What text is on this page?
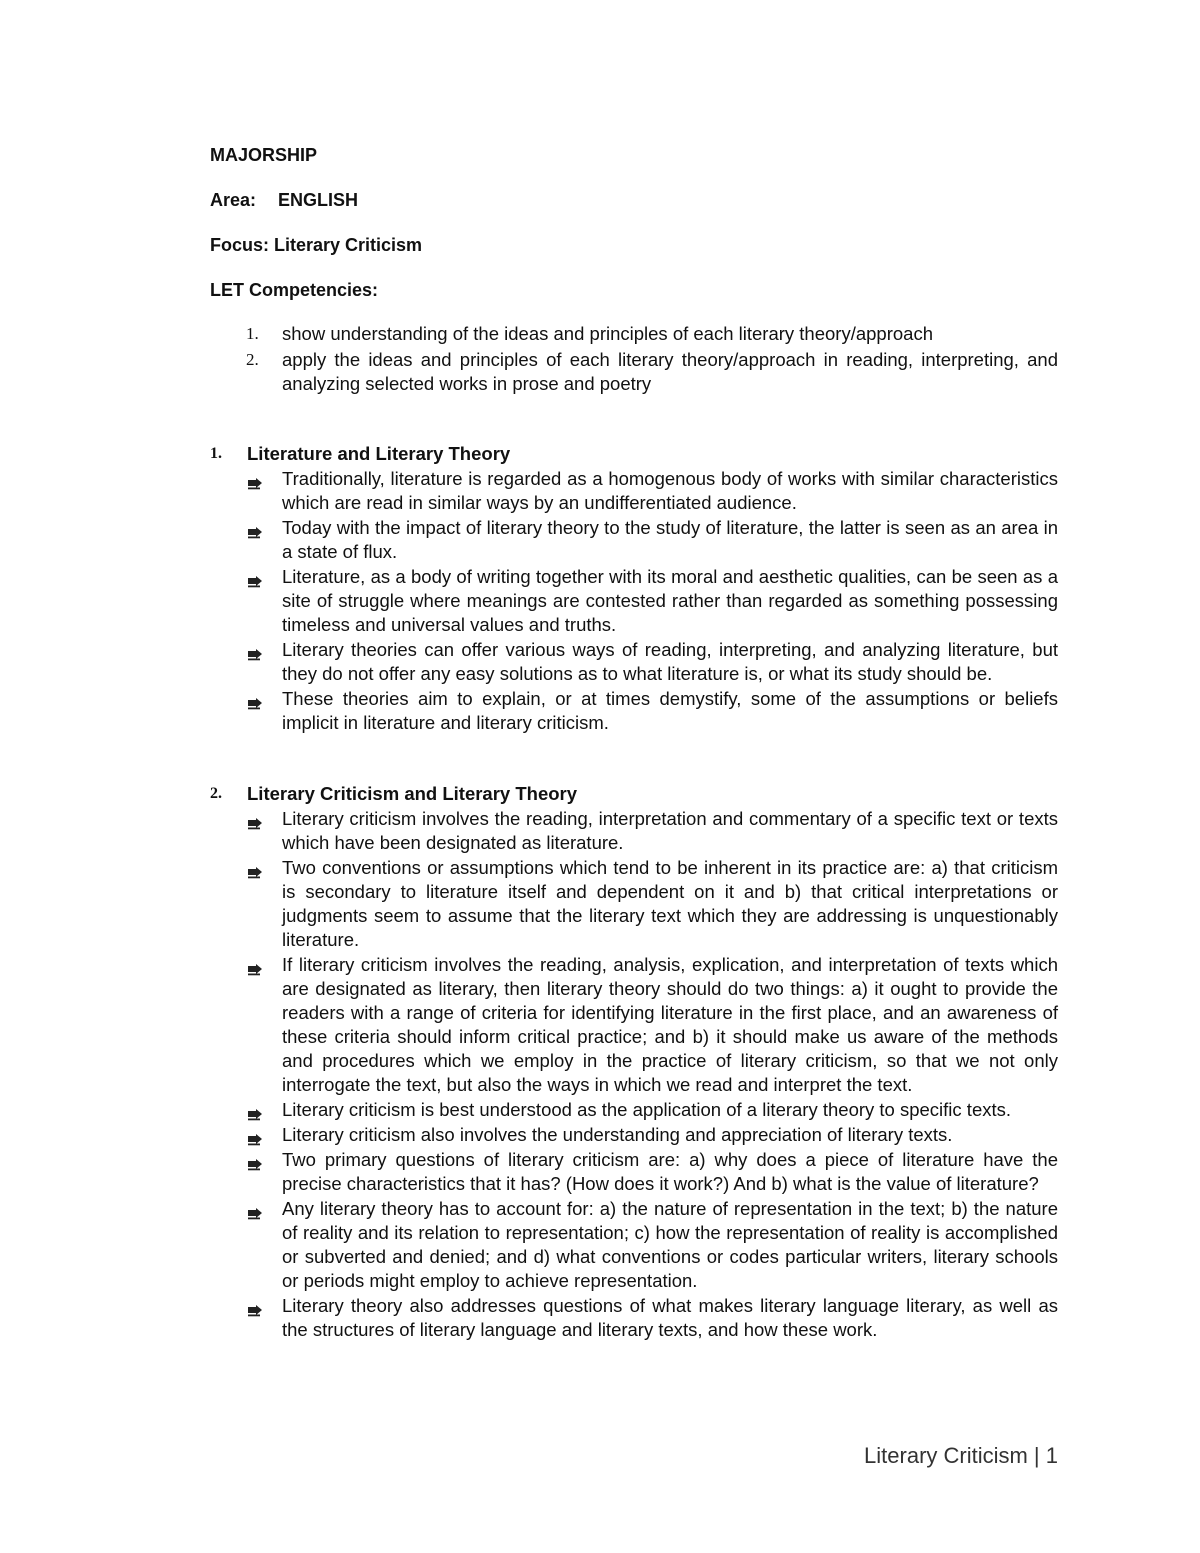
MAJORSHIP
Area: ENGLISH
Focus: Literary Criticism
LET Competencies:
1. show understanding of the ideas and principles of each literary theory/approach
2. apply the ideas and principles of each literary theory/approach in reading, interpreting, and analyzing selected works in prose and poetry
1. Literature and Literary Theory
Traditionally, literature is regarded as a homogenous body of works with similar characteristics which are read in similar ways by an undifferentiated audience.
Today with the impact of literary theory to the study of literature, the latter is seen as an area in a state of flux.
Literature, as a body of writing together with its moral and aesthetic qualities, can be seen as a site of struggle where meanings are contested rather than regarded as something possessing timeless and universal values and truths.
Literary theories can offer various ways of reading, interpreting, and analyzing literature, but they do not offer any easy solutions as to what literature is, or what its study should be.
These theories aim to explain, or at times demystify, some of the assumptions or beliefs implicit in literature and literary criticism.
2. Literary Criticism and Literary Theory
Literary criticism involves the reading, interpretation and commentary of a specific text or texts which have been designated as literature.
Two conventions or assumptions which tend to be inherent in its practice are: a) that criticism is secondary to literature itself and dependent on it and b) that critical interpretations or judgments seem to assume that the literary text which they are addressing is unquestionably literature.
If literary criticism involves the reading, analysis, explication, and interpretation of texts which are designated as literary, then literary theory should do two things: a) it ought to provide the readers with a range of criteria for identifying literature in the first place, and an awareness of these criteria should inform critical practice; and b) it should make us aware of the methods and procedures which we employ in the practice of literary criticism, so that we not only interrogate the text, but also the ways in which we read and interpret the text.
Literary criticism is best understood as the application of a literary theory to specific texts.
Literary criticism also involves the understanding and appreciation of literary texts.
Two primary questions of literary criticism are: a) why does a piece of literature have the precise characteristics that it has? (How does it work?) And b) what is the value of literature?
Any literary theory has to account for: a) the nature of representation in the text; b) the nature of reality and its relation to representation; c) how the representation of reality is accomplished or subverted and denied; and d) what conventions or codes particular writers, literary schools or periods might employ to achieve representation.
Literary theory also addresses questions of what makes literary language literary, as well as the structures of literary language and literary texts, and how these work.
Literary Criticism | 1
